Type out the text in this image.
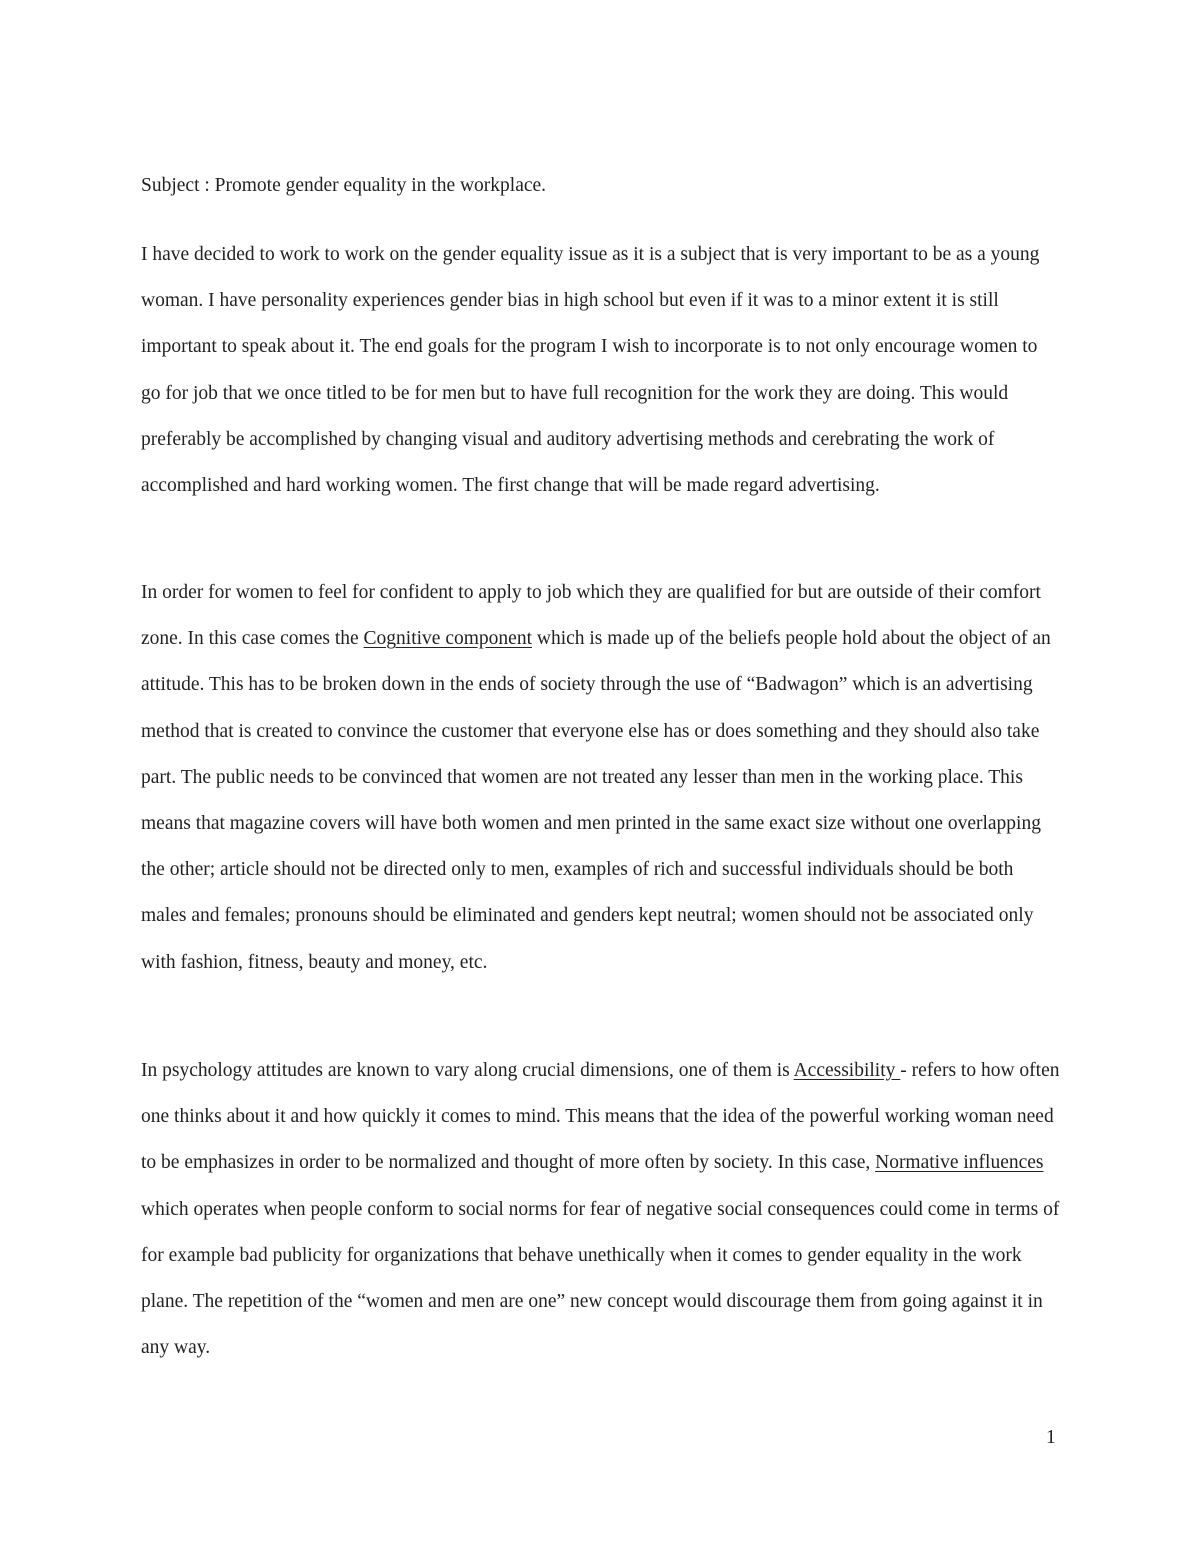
Subject : Promote gender equality in the workplace.

I have decided to work to work on the gender equality issue as it is a subject that is very important to be as a young woman. I have personality experiences gender bias in high school but even if it was to a minor extent it is still important to speak about it. The end goals for the program I wish to incorporate is to not only encourage women to go for job that we once titled to be for men but to have full recognition for the work they are doing. This would preferably be accomplished by changing visual and auditory advertising methods and cerebrating the work of accomplished and hard working women. The first change that will be made regard advertising.

In order for women to feel for confident to apply to job which they are qualified for but are outside of their comfort zone. In this case comes the Cognitive component which is made up of the beliefs people hold about the object of an attitude. This has to be broken down in the ends of society through the use of “Badwagon” which is an advertising method that is created to convince the customer that everyone else has or does something and they should also take part. The public needs to be convinced that women are not treated any lesser than men in the working place. This means that magazine covers will have both women and men printed in the same exact size without one overlapping the other; article should not be directed only to men, examples of rich and successful individuals should be both males and females; pronouns should be eliminated and genders kept neutral; women should not be associated only with fashion, fitness, beauty and money, etc.

In psychology attitudes are known to vary along crucial dimensions, one of them is Accessibility - refers to how often one thinks about it and how quickly it comes to mind. This means that the idea of the powerful working woman need to be emphasizes in order to be normalized and thought of more often by society. In this case, Normative influences which operates when people conform to social norms for fear of negative social consequences could come in terms of for example bad publicity for organizations that behave unethically when it comes to gender equality in the work plane. The repetition of the “women and men are one” new concept would discourage them from going against it in any way.

1
